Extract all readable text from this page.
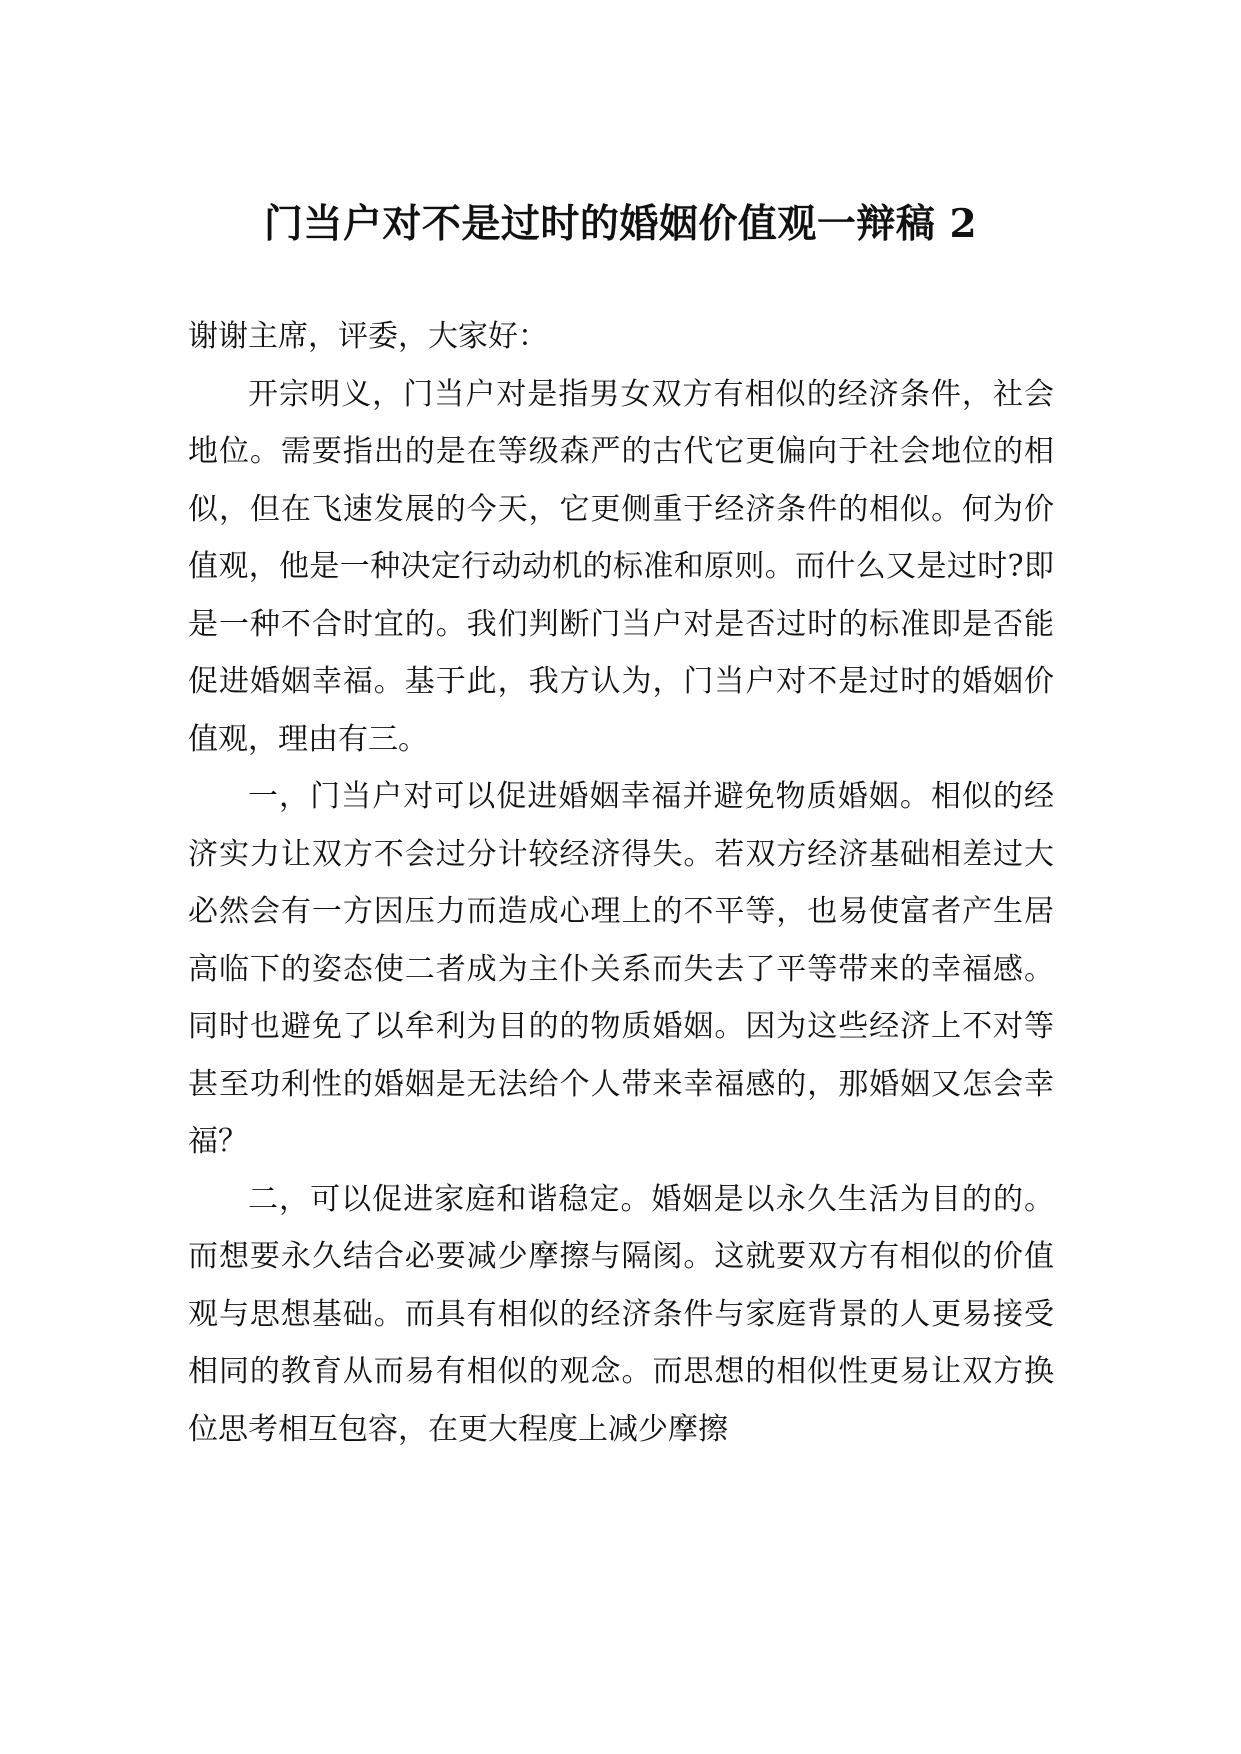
门当户对不是过时的婚姻价值观一辩稿 2

谢谢主席，评委，大家好：

开宗明义，门当户对是指男女双方有相似的经济条件，社会地位。需要指出的是在等级森严的古代它更偏向于社会地位的相似，但在飞速发展的今天，它更侧重于经济条件的相似。何为价值观，他是一种决定行动动机的标准和原则。而什么又是过时?即是一种不合时宜的。我们判断门当户对是否过时的标准即是否能促进婚姻幸福。基于此，我方认为，门当户对不是过时的婚姻价值观，理由有三。

一，门当户对可以促进婚姻幸福并避免物质婚姻。相似的经济实力让双方不会过分计较经济得失。若双方经济基础相差过大必然会有一方因压力而造成心理上的不平等，也易使富者产生居高临下的姿态使二者成为主仆关系而失去了平等带来的幸福感。同时也避免了以牟利为目的的物质婚姻。因为这些经济上不对等甚至功利性的婚姻是无法给个人带来幸福感的，那婚姻又怎会幸福？

二，可以促进家庭和谐稳定。婚姻是以永久生活为目的的。而想要永久结合必要减少摩擦与隔阂。这就要双方有相似的价值观与思想基础。而具有相似的经济条件与家庭背景的人更易接受相同的教育从而易有相似的观念。而思想的相似性更易让双方换位思考相互包容，在更大程度上减少摩擦
